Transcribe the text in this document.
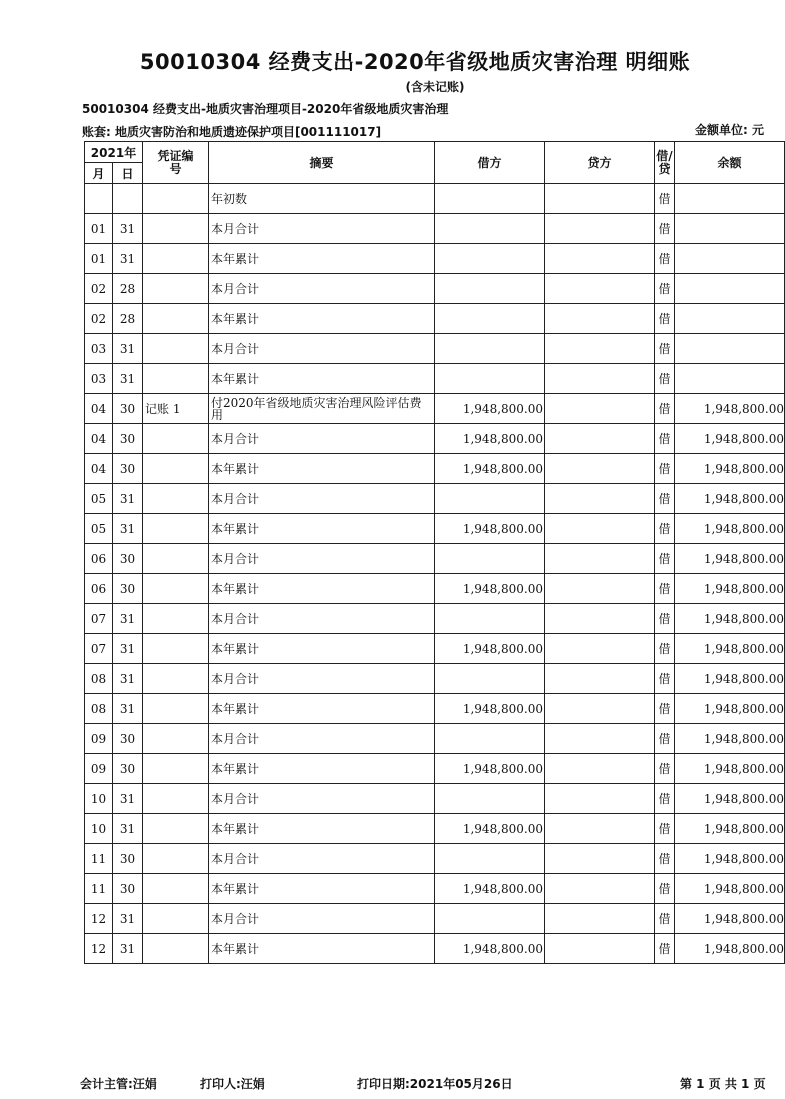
50010304 经费支出-2020年省级地质灾害治理 明细账
(含未记账)
50010304 经费支出-地质灾害治理项目-2020年省级地质灾害治理
账套: 地质灾害防治和地质遗迹保护项目[001111017]	金额单位: 元
2021年		凭证编号	摘要	借方	贷方	借/贷	余额
月	日						
			年初数			借	
01	31		本月合计			借	
01	31		本年累计			借	
02	28		本月合计			借	
02	28		本年累计			借	
03	31		本月合计			借	
03	31		本年累计			借	
04	30	记账 1	付2020年省级地质灾害治理风险评估费用	1,948,800.00		借	1,948,800.00
04	30		本月合计	1,948,800.00		借	1,948,800.00
04	30		本年累计	1,948,800.00		借	1,948,800.00
05	31		本月合计			借	1,948,800.00
05	31		本年累计	1,948,800.00		借	1,948,800.00
06	30		本月合计			借	1,948,800.00
06	30		本年累计	1,948,800.00		借	1,948,800.00
07	31		本月合计			借	1,948,800.00
07	31		本年累计	1,948,800.00		借	1,948,800.00
08	31		本月合计			借	1,948,800.00
08	31		本年累计	1,948,800.00		借	1,948,800.00
09	30		本月合计			借	1,948,800.00
09	30		本年累计	1,948,800.00		借	1,948,800.00
10	31		本月合计			借	1,948,800.00
10	31		本年累计	1,948,800.00		借	1,948,800.00
11	30		本月合计			借	1,948,800.00
11	30		本年累计	1,948,800.00		借	1,948,800.00
12	31		本月合计			借	1,948,800.00
12	31		本年累计	1,948,800.00		借	1,948,800.00
会计主管:汪娟	打印人:汪娟	打印日期:2021年05月26日	第 1 页 共 1 页
